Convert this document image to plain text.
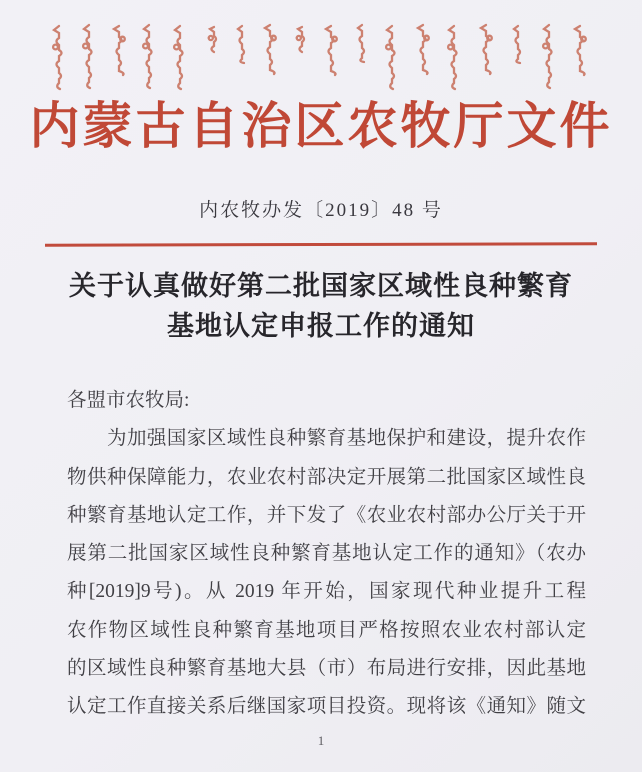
内蒙古自治区农牧厅文件
内农牧办发〔2019〕48 号
关于认真做好第二批国家区域性良种繁育
基地认定申报工作的通知
各盟市农牧局:
为加强国家区域性良种繁育基地保护和建设，提升农作
物供种保障能力，农业农村部决定开展第二批国家区域性良
种繁育基地认定工作，并下发了《农业农村部办公厅关于开
展第二批国家区域性良种繁育基地认定工作的通知》（农办
种[2019]9号)。从 2019 年开始，国家现代种业提升工程
农作物区域性良种繁育基地项目严格按照农业农村部认定
的区域性良种繁育基地大县（市）布局进行安排，因此基地
认定工作直接关系后继国家项目投资。现将该《通知》随文
1
